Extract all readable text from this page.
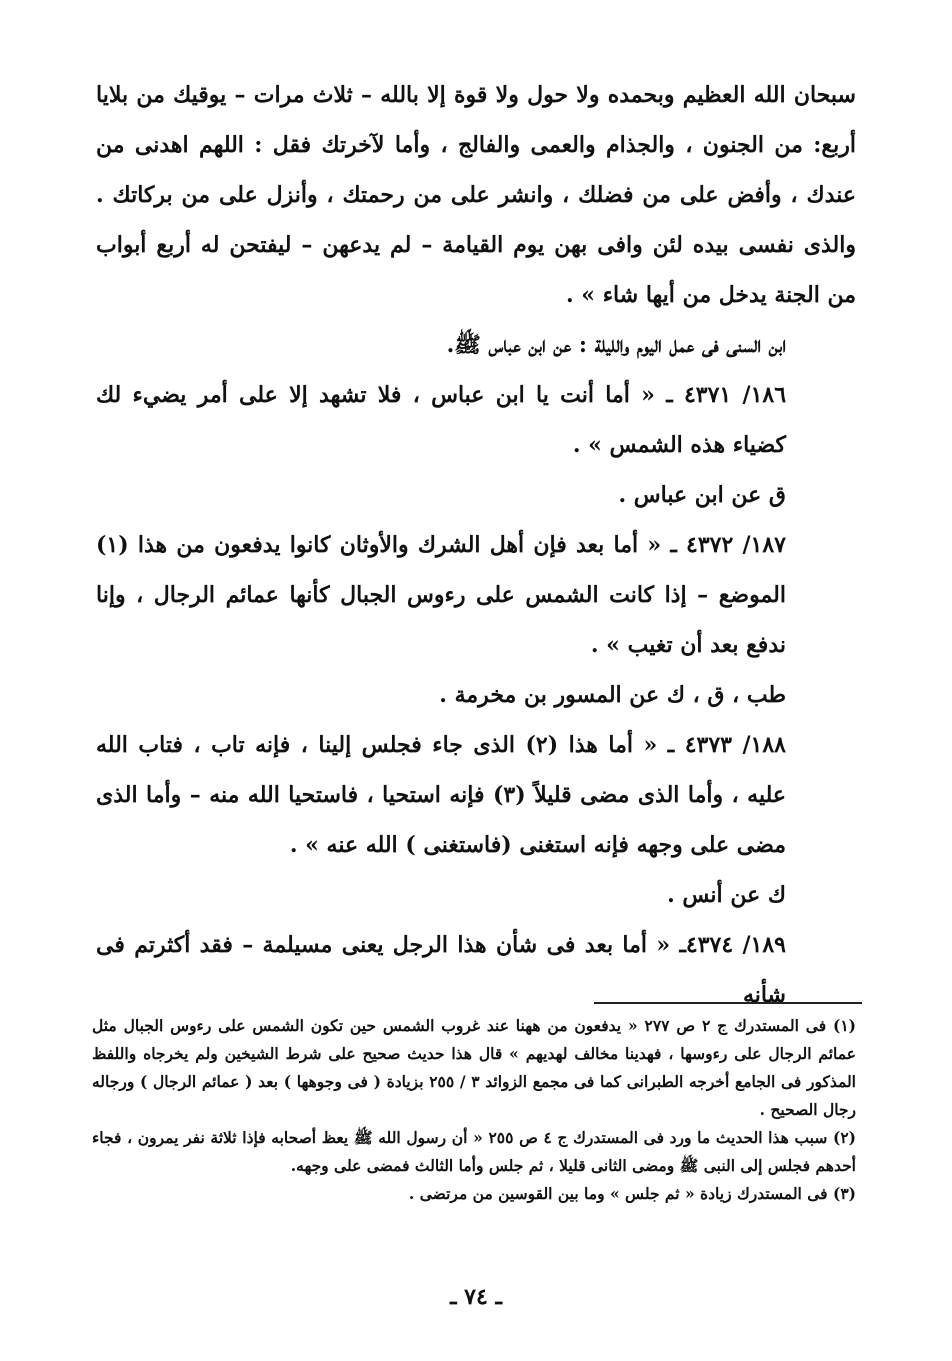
سبحان الله العظيم وبحمده ولا حول ولا قوة إلا بالله – ثلاث مرات – يوقيك من بلايا أربع: من الجنون ، والجذام والعمى والفالج ، وأما لآخرتك فقل : اللهم اهدنى من عندك ، وأفض على من فضلك ، وانشر على من رحمتك ، وأنزل على من بركاتك . والذى نفسى بيده لئن وافى بهن يوم القيامة – لم يدعهن – ليفتحن له أربع أبواب من الجنة يدخل من أيها شاء » .

ابن السنى فى عمل اليوم والليلة : عن ابن عباس ﷺ.

١٨٦/ ٤٣٧١ ـ « أما أنت يا ابن عباس ، فلا تشهد إلا على أمر يضيء لك كضياء هذه الشمس » .

ق عن ابن عباس .

١٨٧/ ٤٣٧٢ ـ « أما بعد فإن أهل الشرك والأوثان كانوا يدفعون من هذا (١) الموضع – إذا كانت الشمس على رءوس الجبال كأنها عمائم الرجال ، وإنا ندفع بعد أن تغيب » .

طب ، ق ، ك عن المسور بن مخرمة .

١٨٨/ ٤٣٧٣ ـ « أما هذا (٢) الذى جاء فجلس إلينا ، فإنه تاب ، فتاب الله عليه ، وأما الذى مضى قليلاً (٣) فإنه استحيا ، فاستحيا الله منه – وأما الذى مضى على وجهه فإنه استغنى (فاستغنى ) الله عنه » .

ك عن أنس .

١٨٩/ ٤٣٧٤ـ « أما بعد فى شأن هذا الرجل يعنى مسيلمة – فقد أكثرتم فى شأنه

(١) فى المستدرك ج ٢ ص ٢٧٧ « يدفعون من ههنا عند غروب الشمس حين تكون الشمس على رءوس الجبال مثل عمائم الرجال على رءوسها ، فهدينا مخالف لهديهم » قال هذا حديث صحيح على شرط الشيخين ولم يخرجاه واللفظ المذكور فى الجامع أخرجه الطبرانى كما فى مجمع الزوائد ٣ / ٢٥٥ بزيادة ( فى وجوهها ) بعد ( عمائم الرجال ) ورجاله رجال الصحيح .

(٢) سبب هذا الحديث ما ورد فى المستدرك ج ٤ ص ٢٥٥ « أن رسول الله ﷺ يعظ أصحابه فإذا ثلاثة نفر يمرون ، فجاء أحدهم فجلس إلى النبى ﷺ ومضى الثانى قليلا ، ثم جلس وأما الثالث فمضى على وجهه.

(٣) فى المستدرك زيادة « ثم جلس » وما بين القوسين من مرتضى .

ـ ٧٤ ـ
